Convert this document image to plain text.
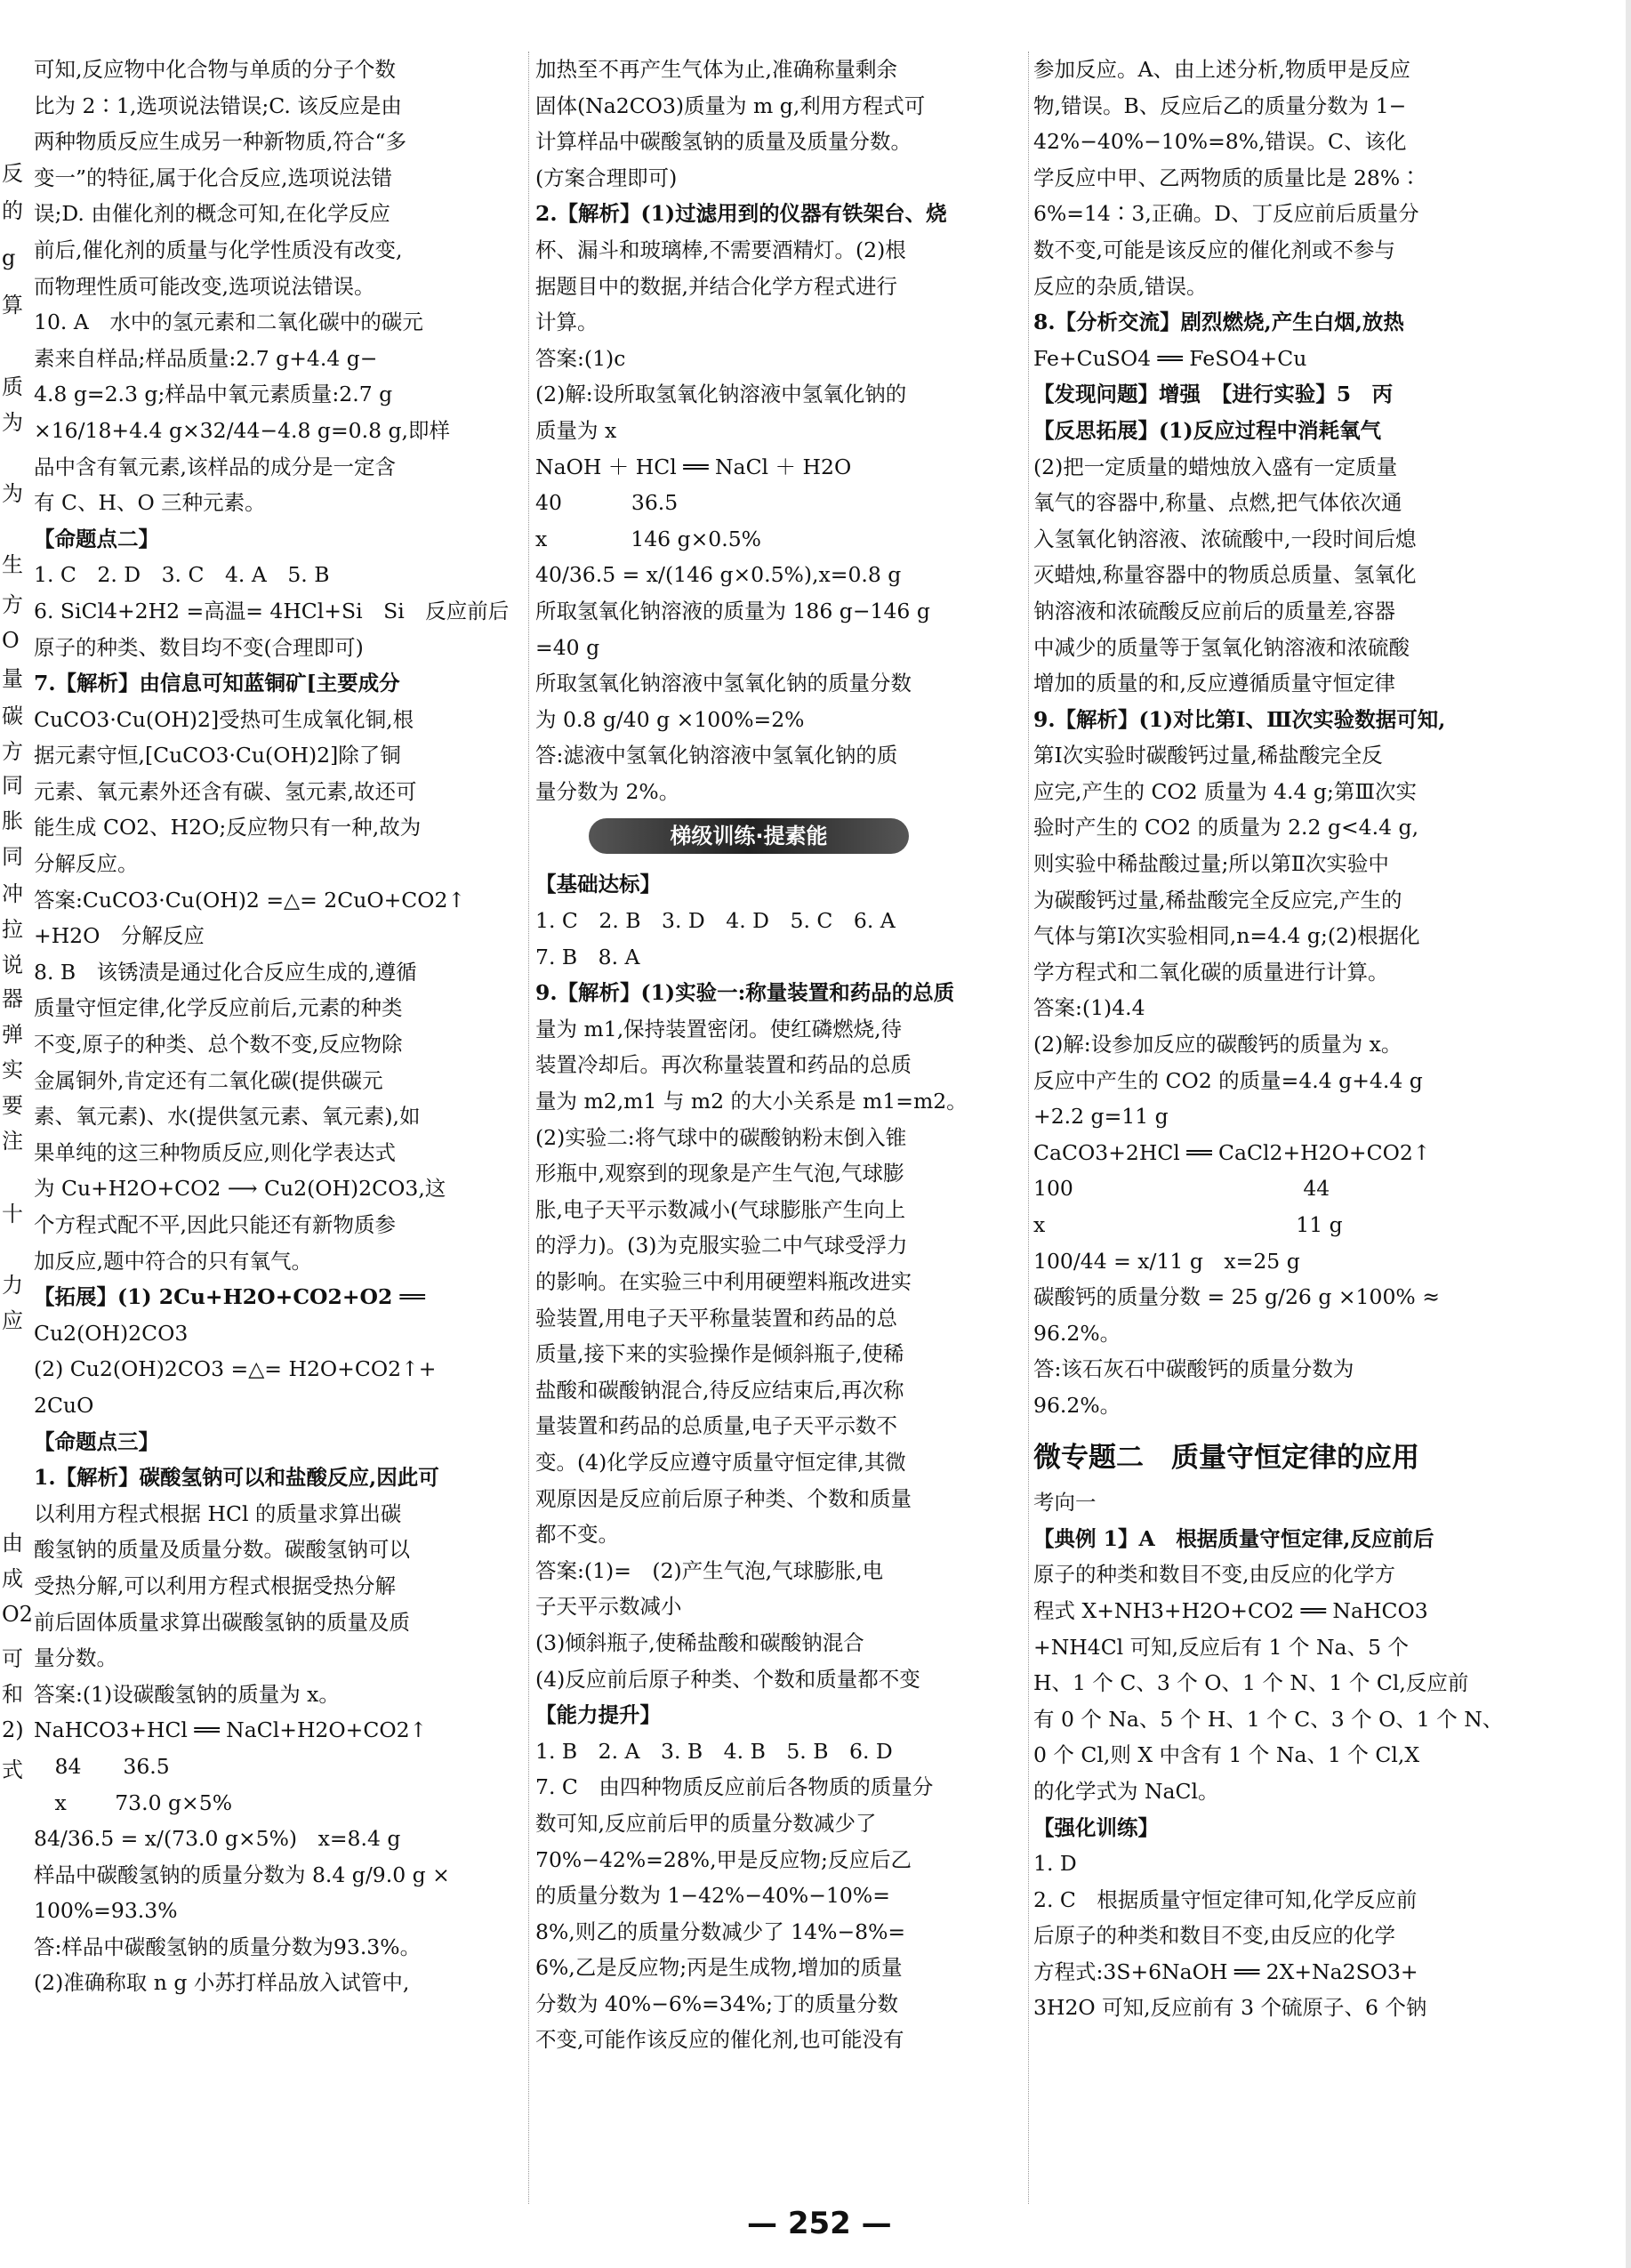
反
的
g
算
质
为
为
生
方
O
量
碳
方
同
胀
同
冲
拉
说
器
弹
实
要
注
十
力
应
由
成
O2
可
和
2)
式

可知,反应物中化合物与单质的分子个数

比为 2∶1,选项说法错误;C. 该反应是由

两种物质反应生成另一种新物质,符合“多

变一”的特征,属于化合反应,选项说法错

误;D. 由催化剂的概念可知,在化学反应

前后,催化剂的质量与化学性质没有改变,

而物理性质可能改变,选项说法错误。

10. A　水中的氢元素和二氧化碳中的碳元

素来自样品;样品质量:2.7 g+4.4 g−

4.8 g=2.3 g;样品中氧元素质量:2.7 g

×16/18+4.4 g×32/44−4.8 g=0.8 g,即样

品中含有氧元素,该样品的成分是一定含

有 C、H、O 三种元素。

【命题点二】

1. C　2. D　3. C　4. A　5. B

6. SiCl4+2H2 =高温= 4HCl+Si　Si　反应前后

原子的种类、数目均不变(合理即可)

7.【解析】由信息可知蓝铜矿[主要成分

CuCO3·Cu(OH)2]受热可生成氧化铜,根

据元素守恒,[CuCO3·Cu(OH)2]除了铜

元素、氧元素外还含有碳、氢元素,故还可

能生成 CO2、H2O;反应物只有一种,故为

分解反应。

答案:CuCO3·Cu(OH)2 =△= 2CuO+CO2↑

+H2O　分解反应

8. B　该锈渍是通过化合反应生成的,遵循

质量守恒定律,化学反应前后,元素的种类

不变,原子的种类、总个数不变,反应物除

金属铜外,肯定还有二氧化碳(提供碳元

素、氧元素)、水(提供氢元素、氧元素),如

果单纯的这三种物质反应,则化学表达式

为 Cu+H2O+CO2 ⟶ Cu2(OH)2CO3,这

个方程式配不平,因此只能还有新物质参

加反应,题中符合的只有氧气。

【拓展】(1) 2Cu+H2O+CO2+O2 ══

Cu2(OH)2CO3

(2) Cu2(OH)2CO3 =△= H2O+CO2↑+

2CuO

【命题点三】

1.【解析】碳酸氢钠可以和盐酸反应,因此可

以利用方程式根据 HCl 的质量求算出碳

酸氢钠的质量及质量分数。碳酸氢钠可以

受热分解,可以利用方程式根据受热分解

前后固体质量求算出碳酸氢钠的质量及质

量分数。

答案:(1)设碳酸氢钠的质量为 x。

NaHCO3+HCl ══ NaCl+H2O+CO2↑

　84　　36.5

　x　　 73.0 g×5%

84/36.5 = x/(73.0 g×5%)　x=8.4 g

样品中碳酸氢钠的质量分数为 8.4 g/9.0 g ×

100%=93.3%

答:样品中碳酸氢钠的质量分数为93.3%。

(2)准确称取 n g 小苏打样品放入试管中,

加热至不再产生气体为止,准确称量剩余

固体(Na2CO3)质量为 m g,利用方程式可

计算样品中碳酸氢钠的质量及质量分数。

(方案合理即可)

2.【解析】(1)过滤用到的仪器有铁架台、烧

杯、漏斗和玻璃棒,不需要酒精灯。(2)根

据题目中的数据,并结合化学方程式进行

计算。

答案:(1)c

(2)解:设所取氢氧化钠溶液中氢氧化钠的

质量为 x

NaOH ＋ HCl ══ NaCl ＋ H2O

40　　　 36.5

x　　　　146 g×0.5%

40/36.5 = x/(146 g×0.5%),x=0.8 g

所取氢氧化钠溶液的质量为 186 g−146 g

=40 g

所取氢氧化钠溶液中氢氧化钠的质量分数

为 0.8 g/40 g ×100%=2%

答:滤液中氢氧化钠溶液中氢氧化钠的质

量分数为 2%。

梯级训练·提素能

【基础达标】

1. C　2. B　3. D　4. D　5. C　6. A

7. B　8. A

9.【解析】(1)实验一:称量装置和药品的总质

量为 m1,保持装置密闭。使红磷燃烧,待

装置冷却后。再次称量装置和药品的总质

量为 m2,m1 与 m2 的大小关系是 m1=m2。

(2)实验二:将气球中的碳酸钠粉末倒入锥

形瓶中,观察到的现象是产生气泡,气球膨

胀,电子天平示数减小(气球膨胀产生向上

的浮力)。(3)为克服实验二中气球受浮力

的影响。在实验三中利用硬塑料瓶改进实

验装置,用电子天平称量装置和药品的总

质量,接下来的实验操作是倾斜瓶子,使稀

盐酸和碳酸钠混合,待反应结束后,再次称

量装置和药品的总质量,电子天平示数不

变。(4)化学反应遵守质量守恒定律,其微

观原因是反应前后原子种类、个数和质量

都不变。

答案:(1)=　(2)产生气泡,气球膨胀,电

子天平示数减小

(3)倾斜瓶子,使稀盐酸和碳酸钠混合

(4)反应前后原子种类、个数和质量都不变

【能力提升】

1. B　2. A　3. B　4. B　5. B　6. D

7. C　由四种物质反应前后各物质的质量分

数可知,反应前后甲的质量分数减少了

70%−42%=28%,甲是反应物;反应后乙

的质量分数为 1−42%−40%−10%=

8%,则乙的质量分数减少了 14%−8%=

6%,乙是反应物;丙是生成物,增加的质量

分数为 40%−6%=34%;丁的质量分数

不变,可能作该反应的催化剂,也可能没有

参加反应。A、由上述分析,物质甲是反应

物,错误。B、反应后乙的质量分数为 1−

42%−40%−10%=8%,错误。C、该化

学反应中甲、乙两物质的质量比是 28%∶

6%=14∶3,正确。D、丁反应前后质量分

数不变,可能是该反应的催化剂或不参与

反应的杂质,错误。

8.【分析交流】剧烈燃烧,产生白烟,放热

Fe+CuSO4 ══ FeSO4+Cu

【发现问题】增强　【进行实验】5　丙

【反思拓展】(1)反应过程中消耗氧气

(2)把一定质量的蜡烛放入盛有一定质量

氧气的容器中,称量、点燃,把气体依次通

入氢氧化钠溶液、浓硫酸中,一段时间后熄

灭蜡烛,称量容器中的物质总质量、氢氧化

钠溶液和浓硫酸反应前后的质量差,容器

中减少的质量等于氢氧化钠溶液和浓硫酸

增加的质量的和,反应遵循质量守恒定律

9.【解析】(1)对比第Ⅰ、Ⅲ次实验数据可知,

第Ⅰ次实验时碳酸钙过量,稀盐酸完全反

应完,产生的 CO2 质量为 4.4 g;第Ⅲ次实

验时产生的 CO2 的质量为 2.2 g<4.4 g,

则实验中稀盐酸过量;所以第Ⅱ次实验中

为碳酸钙过量,稀盐酸完全反应完,产生的

气体与第Ⅰ次实验相同,n=4.4 g;(2)根据化

学方程式和二氧化碳的质量进行计算。

答案:(1)4.4

(2)解:设参加反应的碳酸钙的质量为 x。

反应中产生的 CO2 的质量=4.4 g+4.4 g

+2.2 g=11 g

CaCO3+2HCl ══ CaCl2+H2O+CO2↑

100　　　　　　　　　　　44

x　　　　　　　　　　　　11 g

100/44 = x/11 g　x=25 g

碳酸钙的质量分数 = 25 g/26 g ×100% ≈

96.2%。

答:该石灰石中碳酸钙的质量分数为

96.2%。

微专题二　质量守恒定律的应用

考向一

【典例 1】A　根据质量守恒定律,反应前后

原子的种类和数目不变,由反应的化学方

程式 X+NH3+H2O+CO2 ══ NaHCO3

+NH4Cl 可知,反应后有 1 个 Na、5 个

H、1 个 C、3 个 O、1 个 N、1 个 Cl,反应前

有 0 个 Na、5 个 H、1 个 C、3 个 O、1 个 N、

0 个 Cl,则 X 中含有 1 个 Na、1 个 Cl,X

的化学式为 NaCl。

【强化训练】

1. D

2. C　根据质量守恒定律可知,化学反应前

后原子的种类和数目不变,由反应的化学

方程式:3S+6NaOH ══ 2X+Na2SO3+

3H2O 可知,反应前有 3 个硫原子、6 个钠

— 252 —
